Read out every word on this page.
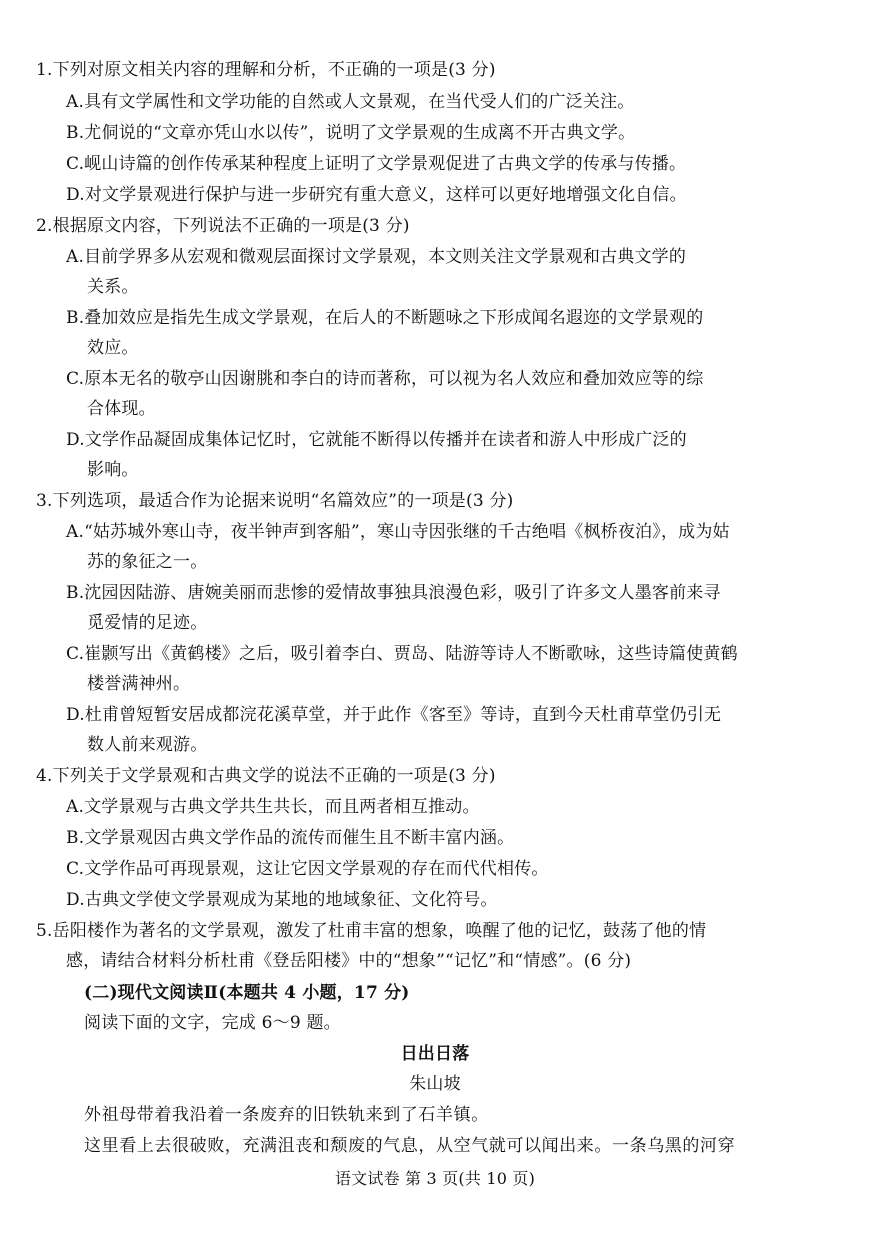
1.下列对原文相关内容的理解和分析，不正确的一项是(3 分)
A.具有文学属性和文学功能的自然或人文景观，在当代受人们的广泛关注。
B.尤侗说的“文章亦凭山水以传”，说明了文学景观的生成离不开古典文学。
C.岘山诗篇的创作传承某种程度上证明了文学景观促进了古典文学的传承与传播。
D.对文学景观进行保护与进一步研究有重大意义，这样可以更好地增强文化自信。
2.根据原文内容，下列说法不正确的一项是(3 分)
A.目前学界多从宏观和微观层面探讨文学景观，本文则关注文学景观和古典文学的
关系。
B.叠加效应是指先生成文学景观，在后人的不断题咏之下形成闻名遐迩的文学景观的
效应。
C.原本无名的敬亭山因谢朓和李白的诗而著称，可以视为名人效应和叠加效应等的综
合体现。
D.文学作品凝固成集体记忆时，它就能不断得以传播并在读者和游人中形成广泛的
影响。
3.下列选项，最适合作为论据来说明“名篇效应”的一项是(3 分)
A.“姑苏城外寒山寺，夜半钟声到客船”，寒山寺因张继的千古绝唱《枫桥夜泊》，成为姑
苏的象征之一。
B.沈园因陆游、唐婉美丽而悲惨的爱情故事独具浪漫色彩，吸引了许多文人墨客前来寻
觅爱情的足迹。
C.崔颢写出《黄鹤楼》之后，吸引着李白、贾岛、陆游等诗人不断歌咏，这些诗篇使黄鹤
楼誉满神州。
D.杜甫曾短暂安居成都浣花溪草堂，并于此作《客至》等诗，直到今天杜甫草堂仍引无
数人前来观游。
4.下列关于文学景观和古典文学的说法不正确的一项是(3 分)
A.文学景观与古典文学共生共长，而且两者相互推动。
B.文学景观因古典文学作品的流传而催生且不断丰富内涵。
C.文学作品可再现景观，这让它因文学景观的存在而代代相传。
D.古典文学使文学景观成为某地的地域象征、文化符号。
5.岳阳楼作为著名的文学景观，激发了杜甫丰富的想象，唤醒了他的记忆，鼓荡了他的情
感，请结合材料分析杜甫《登岳阳楼》中的“想象”“记忆”和“情感”。(6 分)
(二)现代文阅读Ⅱ(本题共 4 小题，17 分)
阅读下面的文字，完成 6～9 题。
日出日落
朱山坡
外祖母带着我沿着一条废弃的旧铁轨来到了石羊镇。
这里看上去很破败，充满沮丧和颓废的气息，从空气就可以闻出来。一条乌黑的河穿
语文试卷 第 3 页(共 10 页)
